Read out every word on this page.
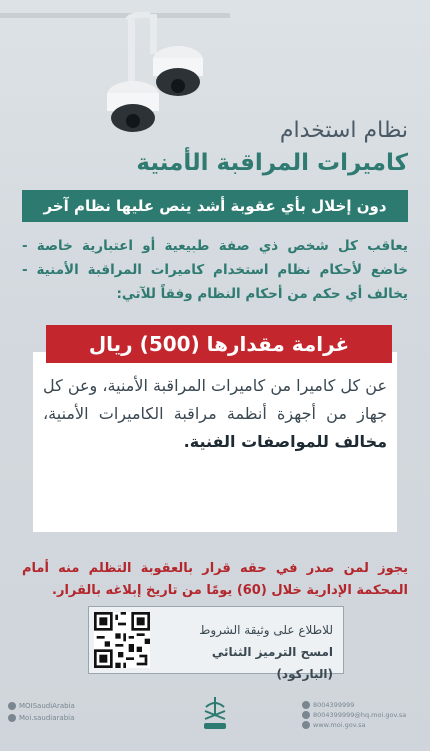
نظام استخدام
كاميرات المراقبة الأمنية
دون إخلال بأي عقوبة أشد ينص عليها نظام آخر
يعاقب كل شخص ذي صفة طبيعية أو اعتبارية خاصة - خاضع لأحكام نظام استخدام كاميرات المراقبة الأمنية - يخالف أي حكم من أحكام النظام وفقاً للآتي:
غرامة مقدارها (500) ريال
عن كل كاميرا من كاميرات المراقبة الأمنية، وعن كل جهاز من أجهزة أنظمة مراقبة الكاميرات الأمنية، مخالف للمواصفات الفنية.
يجوز لمن صدر في حقه قرار بالعقوبة التظلم منه أمام المحكمة الإدارية خلال (60) يومًا من تاريخ إبلاغه بالقرار.
للاطلاع على وثيقة الشروط
امسح الترميز الثنائي (الباركود)
MOISaudiArabia
Moi.saudiarabia
8004399999
8004399999@hq.moi.gov.sa
www.moi.gov.sa
